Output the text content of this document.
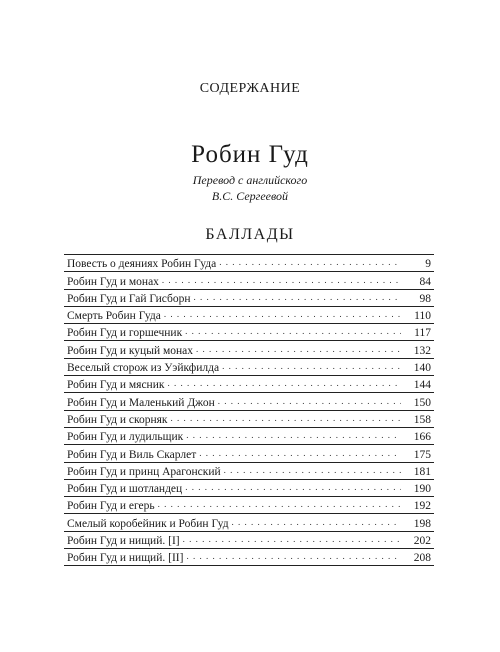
СОДЕРЖАНИЕ
Робин Гуд
Перевод с английского
В.С. Сергеевой
БАЛЛАДЫ
Повесть о деяниях Робин Гуда . . .	9
Робин Гуд и монах . . .	84
Робин Гуд и Гай Гисборн . . .	98
Смерть Робин Гуда . . .	110
Робин Гуд и горшечник . . .	117
Робин Гуд и куцый монах . . .	132
Веселый сторож из Уэйкфилда . . .	140
Робин Гуд и мясник . . .	144
Робин Гуд и Маленький Джон . . .	150
Робин Гуд и скорняк . . .	158
Робин Гуд и лудильщик . . .	166
Робин Гуд и Виль Скарлет . . .	175
Робин Гуд и принц Арагонский . . .	181
Робин Гуд и шотландец . . .	190
Робин Гуд и егерь . . .	192
Смелый коробейник и Робин Гуд . . .	198
Робин Гуд и нищий. [I] . . .	202
Робин Гуд и нищий. [II] . . .	208
